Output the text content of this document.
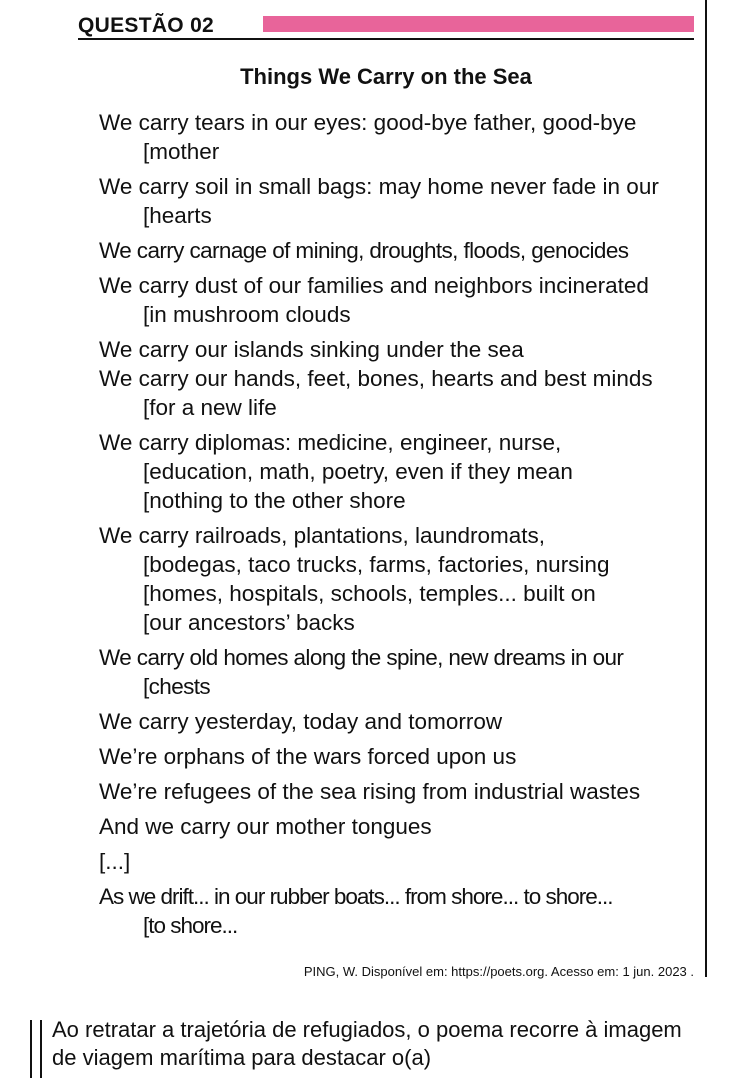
QUESTÃO 02
Things We Carry on the Sea
We carry tears in our eyes: good-bye father, good-bye
[mother
We carry soil in small bags: may home never fade in our
[hearts
We carry carnage of mining, droughts, floods, genocides
We carry dust of our families and neighbors incinerated
[in mushroom clouds
We carry our islands sinking under the sea
We carry our hands, feet, bones, hearts and best minds
[for a new life
We carry diplomas: medicine, engineer, nurse,
[education, math, poetry, even if they mean
[nothing to the other shore
We carry railroads, plantations, laundromats,
[bodegas, taco trucks, farms, factories, nursing
[homes, hospitals, schools, temples... built on
[our ancestors’ backs
We carry old homes along the spine, new dreams in our
[chests
We carry yesterday, today and tomorrow
We’re orphans of the wars forced upon us
We’re refugees of the sea rising from industrial wastes
And we carry our mother tongues
[...]
As we drift... in our rubber boats... from shore... to shore...
[to shore...
PING, W. Disponível em: https://poets.org. Acesso em: 1 jun. 2023 .
Ao retratar a trajetória de refugiados, o poema recorre à imagem de viagem marítima para destacar o(a)
